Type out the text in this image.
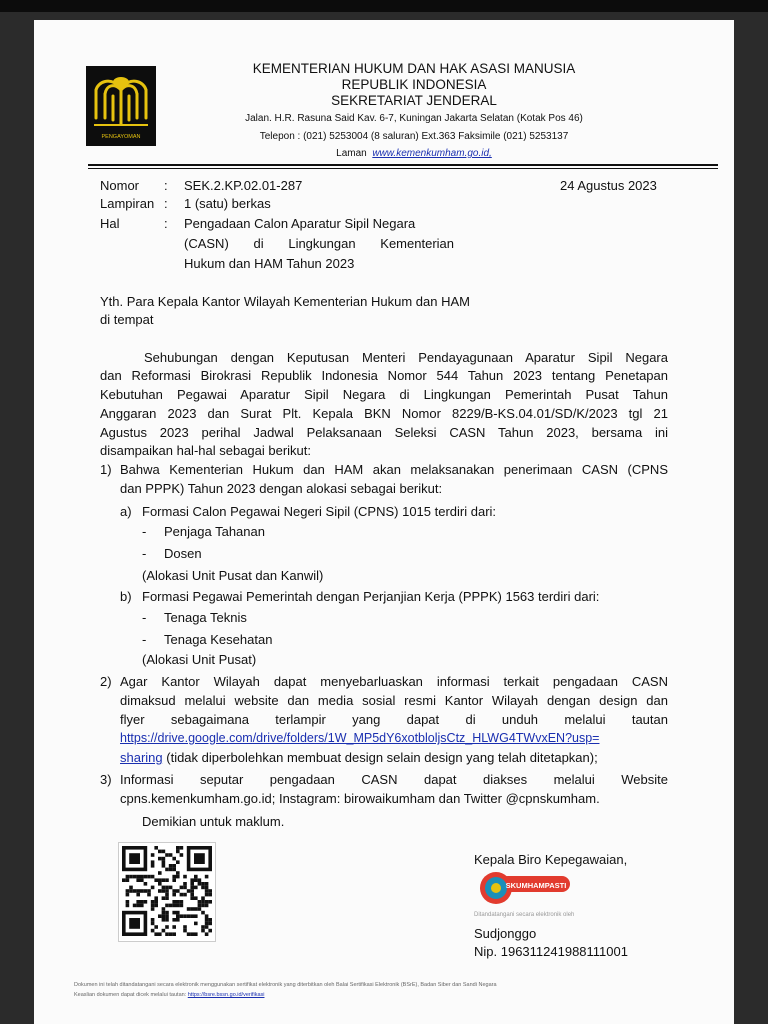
PENGAYOMAN
KEMENTERIAN HUKUM DAN HAK ASASI MANUSIA
REPUBLIK INDONESIA
SEKRETARIAT JENDERAL
Jalan. H.R. Rasuna Said Kav. 6-7, Kuningan Jakarta Selatan (Kotak Pos 46)
Telepon : (021) 5253004 (8 saluran) Ext.363 Faksimile (021) 5253137
Laman www.kemenkumham.go.id,
Nomor : SEK.2.KP.02.01-287	24 Agustus 2023
Lampiran : 1 (satu) berkas
Hal	: Pengadaan Calon Aparatur Sipil Negara
(CASN) di Lingkungan Kementerian
Hukum dan HAM Tahun 2023
Yth. Para Kepala Kantor Wilayah Kementerian Hukum dan HAM
di tempat
Sehubungan dengan Keputusan Menteri Pendayagunaan Aparatur Sipil Negara
dan Reformasi Birokrasi Republik Indonesia Nomor 544 Tahun 2023 tentang Penetapan
Kebutuhan Pegawai Aparatur Sipil Negara di Lingkungan Pemerintah Pusat Tahun
Anggaran 2023 dan Surat Plt. Kepala BKN Nomor 8229/B-KS.04.01/SD/K/2023 tgl 21
Agustus 2023 perihal Jadwal Pelaksanaan Seleksi CASN Tahun 2023, bersama ini
disampaikan hal-hal sebagai berikut:
1) Bahwa Kementerian Hukum dan HAM akan melaksanakan penerimaan CASN (CPNS
dan PPPK) Tahun 2023 dengan alokasi sebagai berikut:
a) Formasi Calon Pegawai Negeri Sipil (CPNS) 1015 terdiri dari:
- Penjaga Tahanan
- Dosen
(Alokasi Unit Pusat dan Kanwil)
b) Formasi Pegawai Pemerintah dengan Perjanjian Kerja (PPPK) 1563 terdiri dari:
- Tenaga Teknis
- Tenaga Kesehatan
(Alokasi Unit Pusat)
2) Agar Kantor Wilayah dapat menyebarluaskan informasi terkait pengadaan CASN
dimaksud melalui website dan media sosial resmi Kantor Wilayah dengan design dan
flyer sebagaimana terlampir yang dapat di unduh melalui tautan
https://drive.google.com/drive/folders/1W_MP5dY6xotbloljsCtz_HLWG4TWvxEN?usp=
sharing (tidak diperbolehkan membuat design selain design yang telah ditetapkan);
3) Informasi seputar pengadaan CASN dapat diakses melalui Website
cpns.kemenkumham.go.id; Instagram: birowaikumham dan Twitter @cpnskumham.
Demikian untuk maklum.
Kepala Biro Kepegawaian,
SKUMHAMPASTI
Ditandatangani secara elektronik oleh
Sudjonggo
Nip. 196311241988111001
Dokumen ini telah ditandatangani secara elektronik menggunakan sertifikat elektronik yang diterbitkan oleh Balai Sertifikasi Elektronik (BSrE), Badan Siber dan Sandi Negara
Keaslian dokumen dapat dicek melalui tautan: https://bsre.bssn.go.id/verifikasi
